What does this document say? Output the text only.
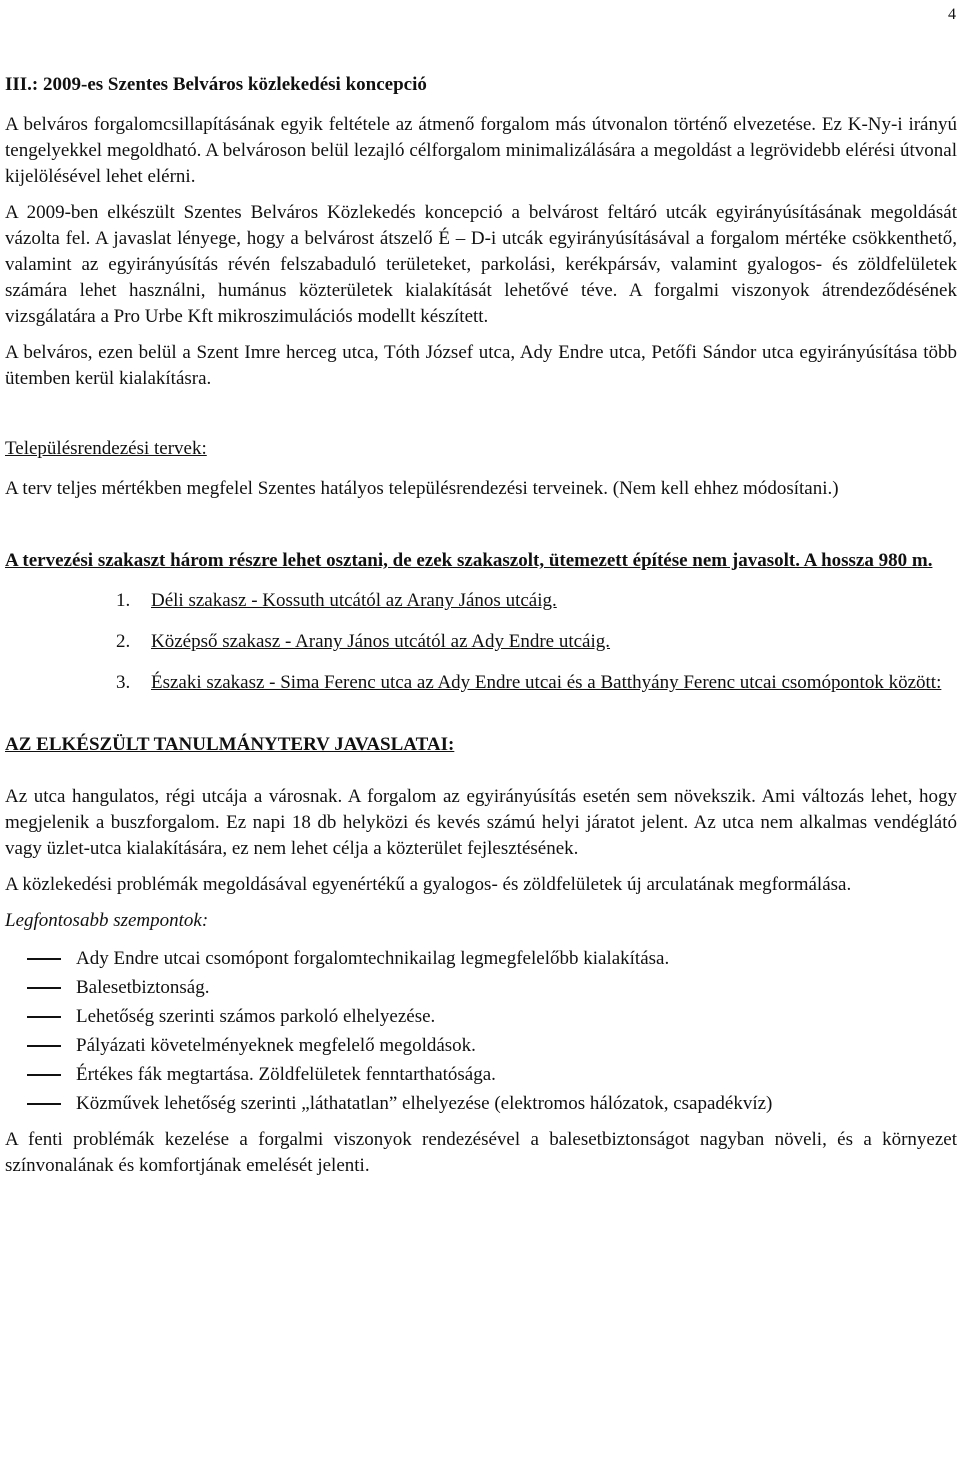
4

III.: 2009-es Szentes Belváros közlekedési koncepció

A belváros forgalomcsillapításának egyik feltétele az átmenő forgalom más útvonalon történő elvezetése. Ez K-Ny-i irányú tengelyekkel megoldható. A belvároson belül lezajló célforgalom minimalizálására a megoldást a legrövidebb elérési útvonal kijelölésével lehet elérni.

A 2009-ben elkészült Szentes Belváros Közlekedés koncepció a belvárost feltáró utcák egyirányúsításának megoldását vázolta fel. A javaslat lényege, hogy a belvárost átszelő É – D-i utcák egyirányúsításával a forgalom mértéke csökkenthető, valamint az egyirányúsítás révén felszabaduló területeket, parkolási, kerékpársáv, valamint gyalogos- és zöldfelületek számára lehet használni, humánus közterületek kialakítását lehetővé téve. A forgalmi viszonyok átrendeződésének vizsgálatára a Pro Urbe Kft mikroszimulációs modellt készített.

A belváros, ezen belül a Szent Imre herceg utca, Tóth József utca, Ady Endre utca, Petőfi Sándor utca egyirányúsítása több ütemben kerül kialakításra.

Településrendezési tervek:

A terv teljes mértékben megfelel Szentes hatályos településrendezési terveinek. (Nem kell ehhez módosítani.)

A tervezési szakaszt három részre lehet osztani, de ezek szakaszolt, ütemezett építése nem javasolt. A hossza 980 m.

1. Déli szakasz - Kossuth utcától az Arany János utcáig.
2. Középső szakasz - Arany János utcától az Ady Endre utcáig.
3. Északi szakasz - Sima Ferenc utca az Ady Endre utcai és a Batthyány Ferenc utcai csomópontok között:

AZ ELKÉSZÜLT TANULMÁNYTERV JAVASLATAI:

Az utca hangulatos, régi utcája a városnak. A forgalom az egyirányúsítás esetén sem növekszik. Ami változás lehet, hogy megjelenik a buszforgalom. Ez napi 18 db helyközi és kevés számú helyi járatot jelent. Az utca nem alkalmas vendéglátó vagy üzlet-utca kialakítására, ez nem lehet célja a közterület fejlesztésének.

A közlekedési problémák megoldásával egyenértékű a gyalogos- és zöldfelületek új arculatának megformálása.

Legfontosabb szempontok:

Ady Endre utcai csomópont forgalomtechnikailag legmegfelelőbb kialakítása.
Balesetbiztonság.
Lehetőség szerinti számos parkoló elhelyezése.
Pályázati követelményeknek megfelelő megoldások.
Értékes fák megtartása. Zöldfelületek fenntarthatósága.
Közművek lehetőség szerinti „láthatatlan” elhelyezése (elektromos hálózatok, csapadékvíz)

A fenti problémák kezelése a forgalmi viszonyok rendezésével a balesetbiztonságot nagyban növeli, és a környezet színvonalának és komfortjának emelését jelenti.
